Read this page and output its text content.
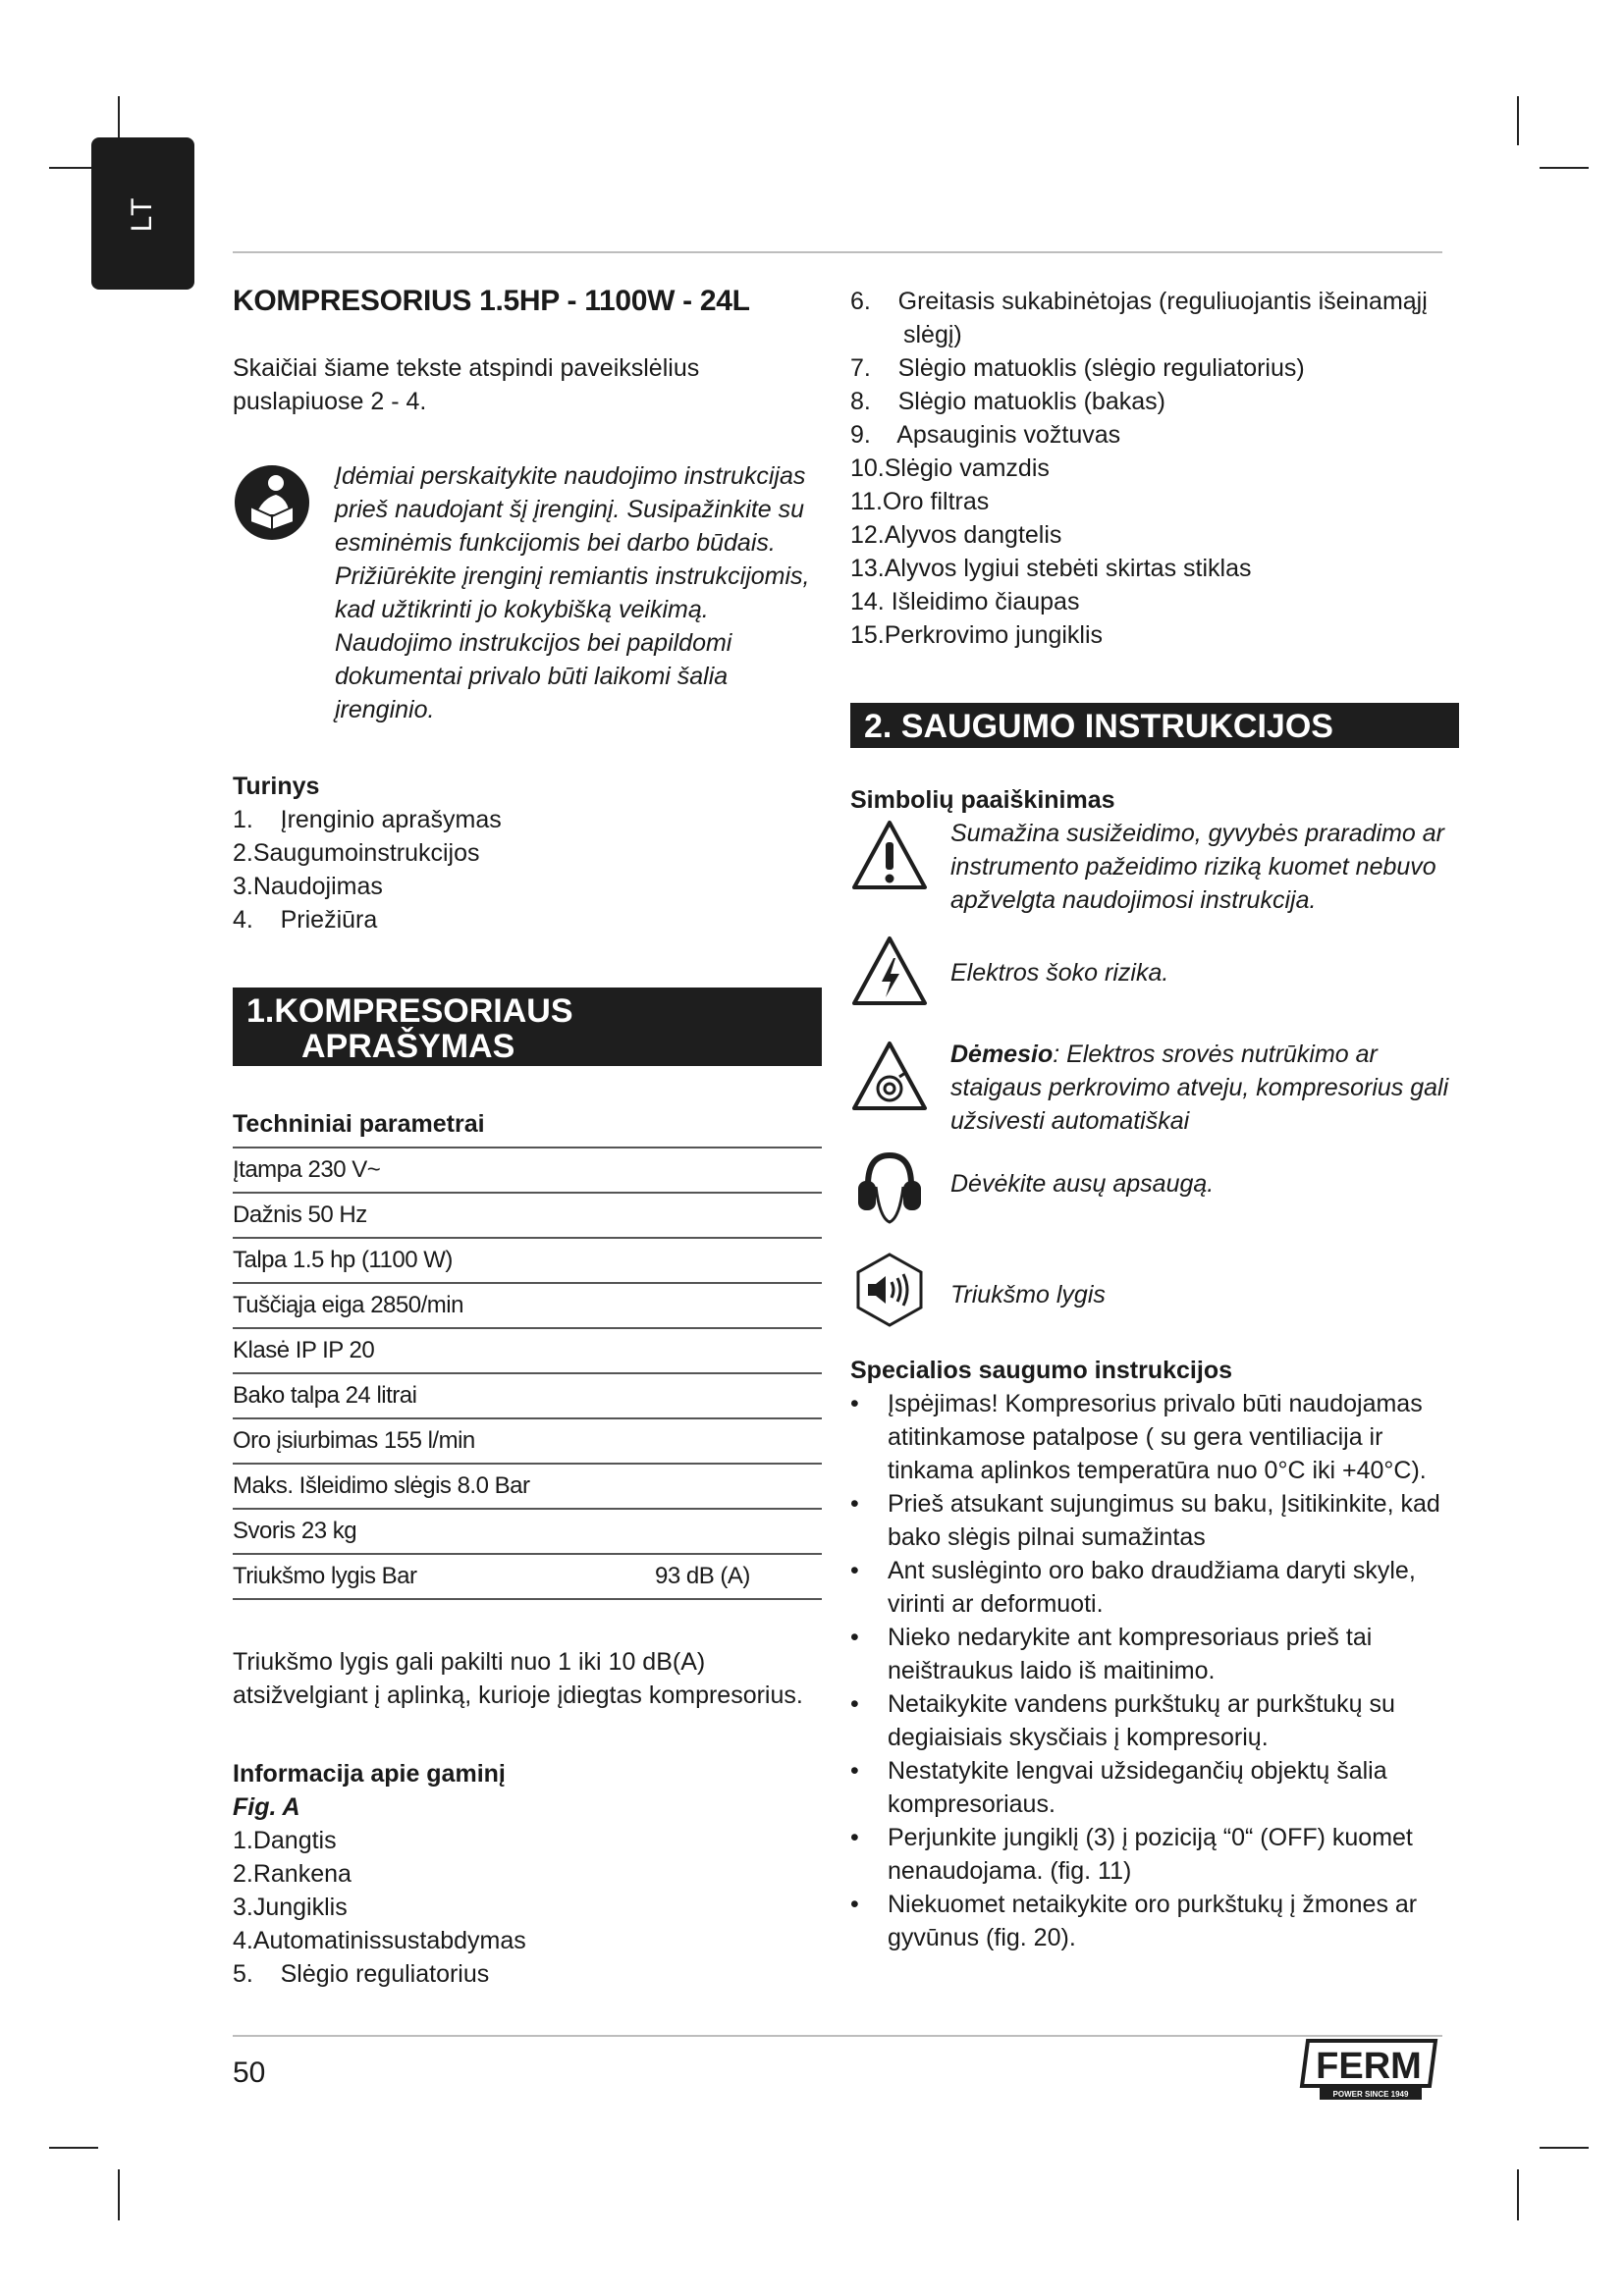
LT
KOMPRESORIUS 1.5HP - 1100W - 24L

Skaičiai šiame tekste atspindi paveikslėlius puslapiuose 2 - 4.

Įdėmiai perskaitykite naudojimo instrukcijas prieš naudojant šį įrenginį. Susipažinkite su esminėmis funkcijomis bei darbo būdais. Prižiūrėkite įrenginį remiantis instrukcijomis, kad užtikrinti jo kokybišką veikimą. Naudojimo instrukcijos bei papildomi dokumentai privalo būti laikomi šalia įrenginio.
Turinys
1.    Įrenginio aprašymas
2.Saugumoinstrukcijos
3.Naudojimas
4.    Priežiūra
1.KOMPRESORIAUS
APRAŠYMAS
Techniniai parametrai
Įtampa 230 V~	
Dažnis 50 Hz	
Talpa 1.5 hp (1100 W)	
Tuščiąja eiga 2850/min	
Klasė IP IP 20	
Bako talpa 24 litrai	
Oro įsiurbimas 155 l/min	
Maks. Išleidimo slėgis 8.0 Bar	
Svoris 23 kg	
Triukšmo lygis Bar	93 dB (A)

Triukšmo lygis gali pakilti nuo 1 iki 10 dB(A) atsižvelgiant į aplinką, kurioje įdiegtas kompresorius.

Informacija apie gaminį

Fig. A

1.Dangtis
2.Rankena
3.Jungiklis
4.Automatinissustabdymas
5.    Slėgio reguliatorius
6.    Greitasis sukabinėtojas (reguliuojantis išeinamąjį slėgį)
7.    Slėgio matuoklis (slėgio reguliatorius)
8.    Slėgio matuoklis (bakas)
9.    Apsauginis vožtuvas
10.Slėgio vamzdis
11.Oro filtras
12.Alyvos dangtelis
13.Alyvos lygiui stebėti skirtas stiklas
14. Išleidimo čiaupas
15.Perkrovimo jungiklis
2. SAUGUMO INSTRUKCIJOS
Simbolių paaiškinimas
Sumažina susižeidimo, gyvybės praradimo ar instrumento pažeidimo riziką kuomet nebuvo apžvelgta naudojimosi instrukcija.
Elektros šoko rizika.
Dėmesio: Elektros srovės nutrūkimo ar staigaus perkrovimo atveju, kompresorius gali užsivesti automatiškai
Dėvėkite ausų apsaugą.
Triukšmo lygis
Specialios saugumo instrukcijos
• Įspėjimas! Kompresorius privalo būti naudojamas atitinkamose patalpose ( su gera ventiliacija ir tinkama aplinkos temperatūra nuo 0°C iki +40°C).
• Prieš atsukant sujungimus su baku, Įsitikinkite, kad bako slėgis pilnai sumažintas
• Ant suslėginto oro bako draudžiama daryti skyle, virinti ar deformuoti.
• Nieko nedarykite ant kompresoriaus prieš tai neištraukus laido iš maitinimo.
• Netaikykite vandens purkštukų ar purkštukų su degiaisiais skysčiais į kompresorių.
• Nestatykite lengvai užsidegančių objektų šalia kompresoriaus.
• Perjunkite jungiklį (3) į poziciją “0“ (OFF) kuomet nenaudojama. (fig. 11)
• Niekuomet netaikykite oro purkštukų į žmones ar gyvūnus (fig. 20).
50	FERM
POWER SINCE 1949
